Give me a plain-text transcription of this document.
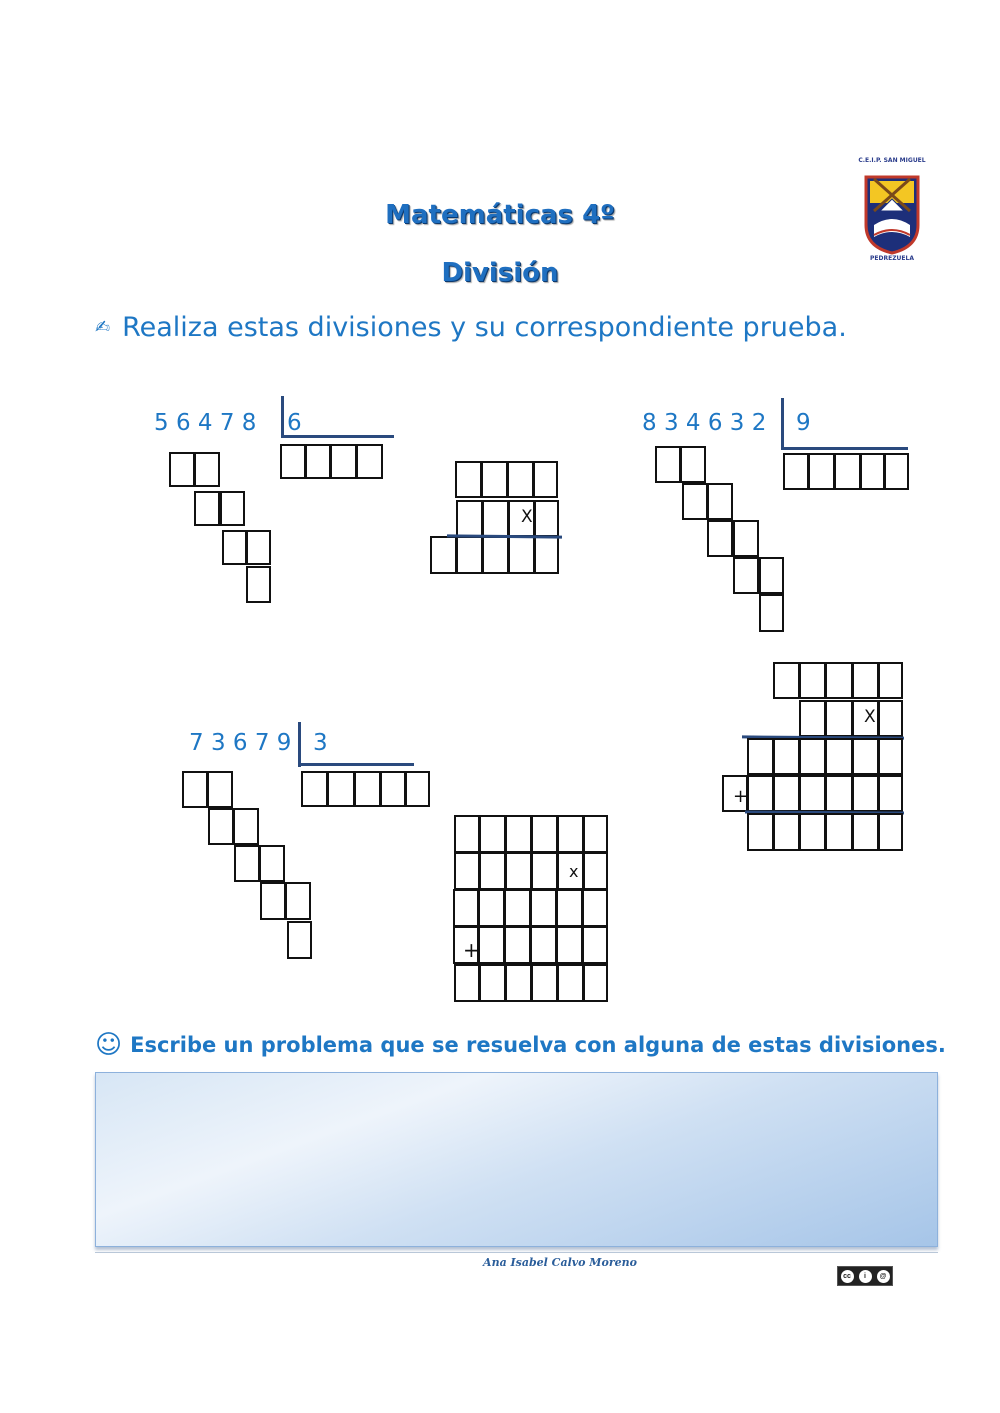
Matemáticas 4º
División
C.E.I.P. SAN MIGUEL
PEDREZUELA
✍ Realiza estas divisiones y su correspondiente prueba.
5 6 4 7 8 6
X
8 3 4 6 3 2 9
X
+
7 3 6 7 9 3
x
+
☺ Escribe un problema que se resuelva con alguna de estas divisiones.
Ana Isabel Calvo Moreno
cc	i	@
